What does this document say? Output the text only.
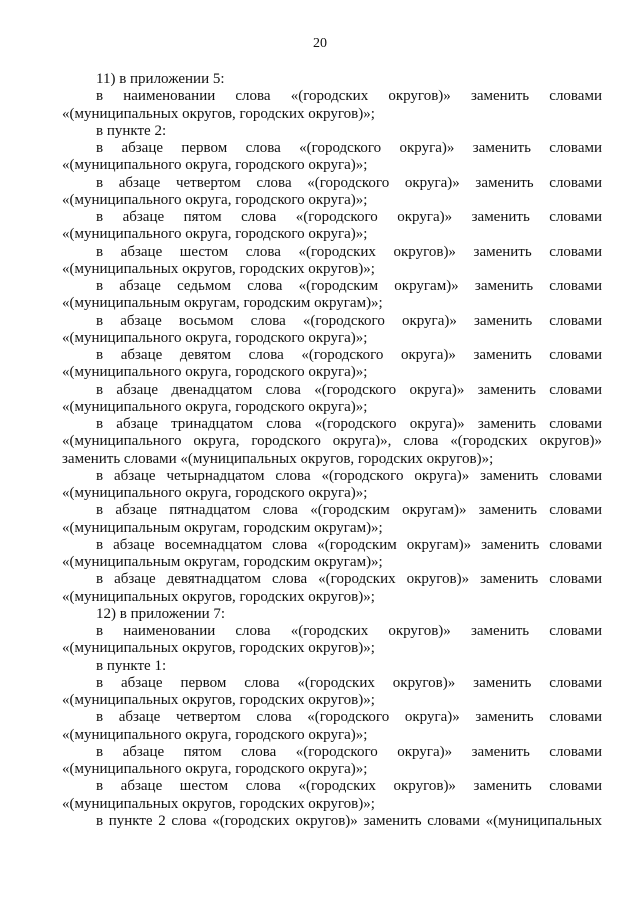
20
11) в приложении 5:
в наименовании слова «(городских округов)» заменить словами
«(муниципальных округов, городских округов)»;
в пункте 2:
в абзаце первом слова «(городского округа)» заменить словами
«(муниципального округа, городского округа)»;
в абзаце четвертом слова «(городского округа)» заменить словами
«(муниципального округа, городского округа)»;
в абзаце пятом слова «(городского округа)» заменить словами
«(муниципального округа, городского округа)»;
в абзаце шестом слова «(городских округов)» заменить словами
«(муниципальных округов, городских округов)»;
в абзаце седьмом слова «(городским округам)» заменить словами
«(муниципальным округам, городским округам)»;
в абзаце восьмом слова «(городского округа)» заменить словами
«(муниципального округа, городского округа)»;
в абзаце девятом слова «(городского округа)» заменить словами
«(муниципального округа, городского округа)»;
в абзаце двенадцатом слова «(городского округа)» заменить словами
«(муниципального округа, городского округа)»;
в абзаце тринадцатом слова «(городского округа)» заменить словами
«(муниципального округа, городского округа)», слова «(городских округов)»
заменить словами «(муниципальных округов, городских округов)»;
в абзаце четырнадцатом слова «(городского округа)» заменить словами
«(муниципального округа, городского округа)»;
в абзаце пятнадцатом слова «(городским округам)» заменить словами
«(муниципальным округам, городским округам)»;
в абзаце восемнадцатом слова «(городским округам)» заменить словами
«(муниципальным округам, городским округам)»;
в абзаце девятнадцатом слова «(городских округов)» заменить словами
«(муниципальных округов, городских округов)»;
12) в приложении 7:
в наименовании слова «(городских округов)» заменить словами
«(муниципальных округов, городских округов)»;
в пункте 1:
в абзаце первом слова «(городских округов)» заменить словами
«(муниципальных округов, городских округов)»;
в абзаце четвертом слова «(городского округа)» заменить словами
«(муниципального округа, городского округа)»;
в абзаце пятом слова «(городского округа)» заменить словами
«(муниципального округа, городского округа)»;
в абзаце шестом слова «(городских округов)» заменить словами
«(муниципальных округов, городских округов)»;
в пункте 2 слова «(городских округов)» заменить словами «(муниципальных
